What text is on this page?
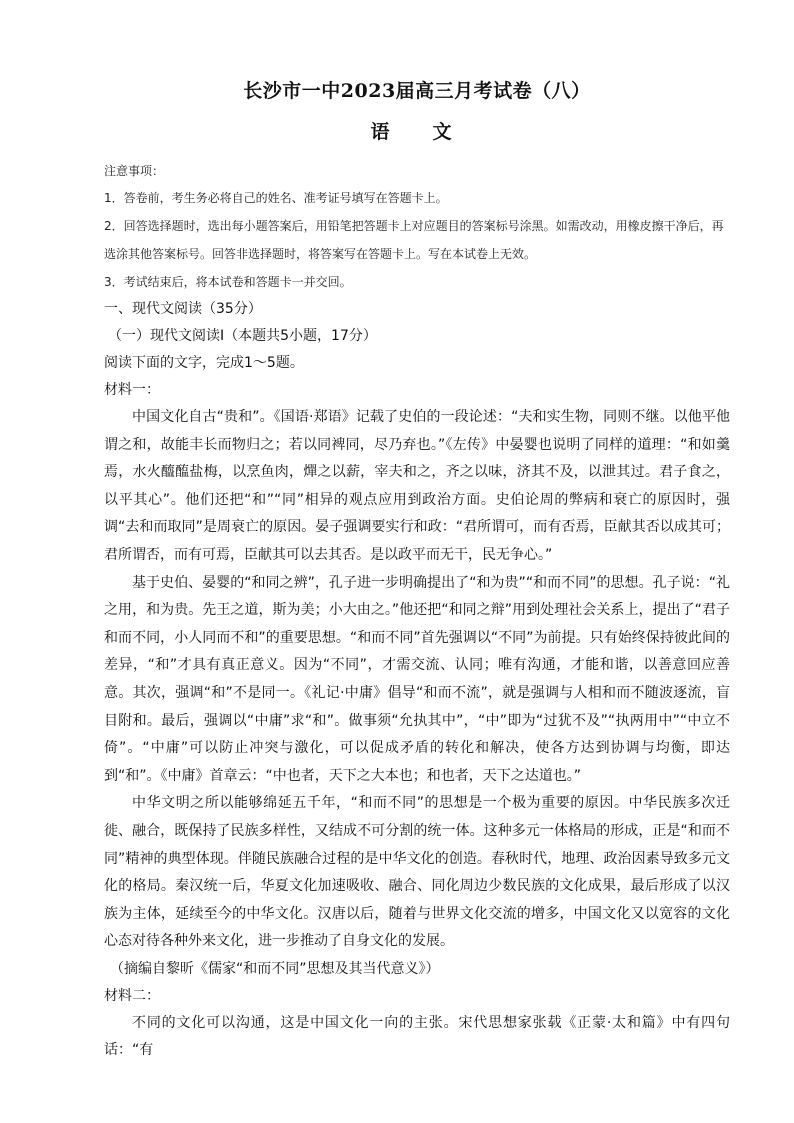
长沙市一中2023届高三月考试卷（八）
语　文
注意事项：

1．答卷前，考生务必将自己的姓名、准考证号填写在答题卡上。

2．回答选择题时，选出每小题答案后，用铅笔把答题卡上对应题目的答案标号涂黑。如需改动，用橡皮擦干净后，再选涂其他答案标号。回答非选择题时，将答案写在答题卡上。写在本试卷上无效。

3．考试结束后，将本试卷和答题卡一并交回。

一、现代文阅读（35分）

（一）现代文阅读I（本题共5小题，17分）

阅读下面的文字，完成1～5题。

材料一：

中国文化自古“贵和”。《国语·郑语》记载了史伯的一段论述：“夫和实生物，同则不继。以他平他谓之和，故能丰长而物归之；若以同裨同，尽乃弃也。”《左传》中晏婴也说明了同样的道理：“和如羹焉，水火醯醢盐梅，以烹鱼肉，燀之以薪，宰夫和之，齐之以味，济其不及，以泄其过。君子食之，以平其心”。他们还把“和”“同”相异的观点应用到政治方面。史伯论周的弊病和衰亡的原因时，强调“去和而取同”是周衰亡的原因。晏子强调要实行和政：“君所谓可，而有否焉，臣献其否以成其可；君所谓否，而有可焉，臣献其可以去其否。是以政平而无干，民无争心。”

基于史伯、晏婴的“和同之辨”，孔子进一步明确提出了“和为贵”“和而不同”的思想。孔子说：“礼之用，和为贵。先王之道，斯为美；小大由之。”他还把“和同之辩”用到处理社会关系上，提出了“君子和而不同，小人同而不和”的重要思想。“和而不同”首先强调以“不同”为前提。只有始终保持彼此间的差异，“和”才具有真正意义。因为“不同”，才需交流、认同；唯有沟通，才能和谐，以善意回应善意。其次，强调“和”不是同一。《礼记·中庸》倡导“和而不流”，就是强调与人相和而不随波逐流，盲目附和。最后，强调以“中庸”求“和”。做事须“允执其中”，“中”即为“过犹不及”“执两用中”“中立不倚”。“中庸”可以防止冲突与激化，可以促成矛盾的转化和解决，使各方达到协调与均衡，即达到“和”。《中庸》首章云：“中也者，天下之大本也；和也者，天下之达道也。”

中华文明之所以能够绵延五千年，“和而不同”的思想是一个极为重要的原因。中华民族多次迁徙、融合，既保持了民族多样性，又结成不可分割的统一体。这种多元一体格局的形成，正是“和而不同”精神的典型体现。伴随民族融合过程的是中华文化的创造。春秋时代，地理、政治因素导致多元文化的格局。秦汉统一后，华夏文化加速吸收、融合、同化周边少数民族的文化成果，最后形成了以汉族为主体，延续至今的中华文化。汉唐以后，随着与世界文化交流的增多，中国文化又以宽容的文化心态对待各种外来文化，进一步推动了自身文化的发展。

（摘编自黎昕《儒家“和而不同”思想及其当代意义》）

材料二：

不同的文化可以沟通，这是中国文化一向的主张。宋代思想家张载《正蒙·太和篇》中有四句话：“有
